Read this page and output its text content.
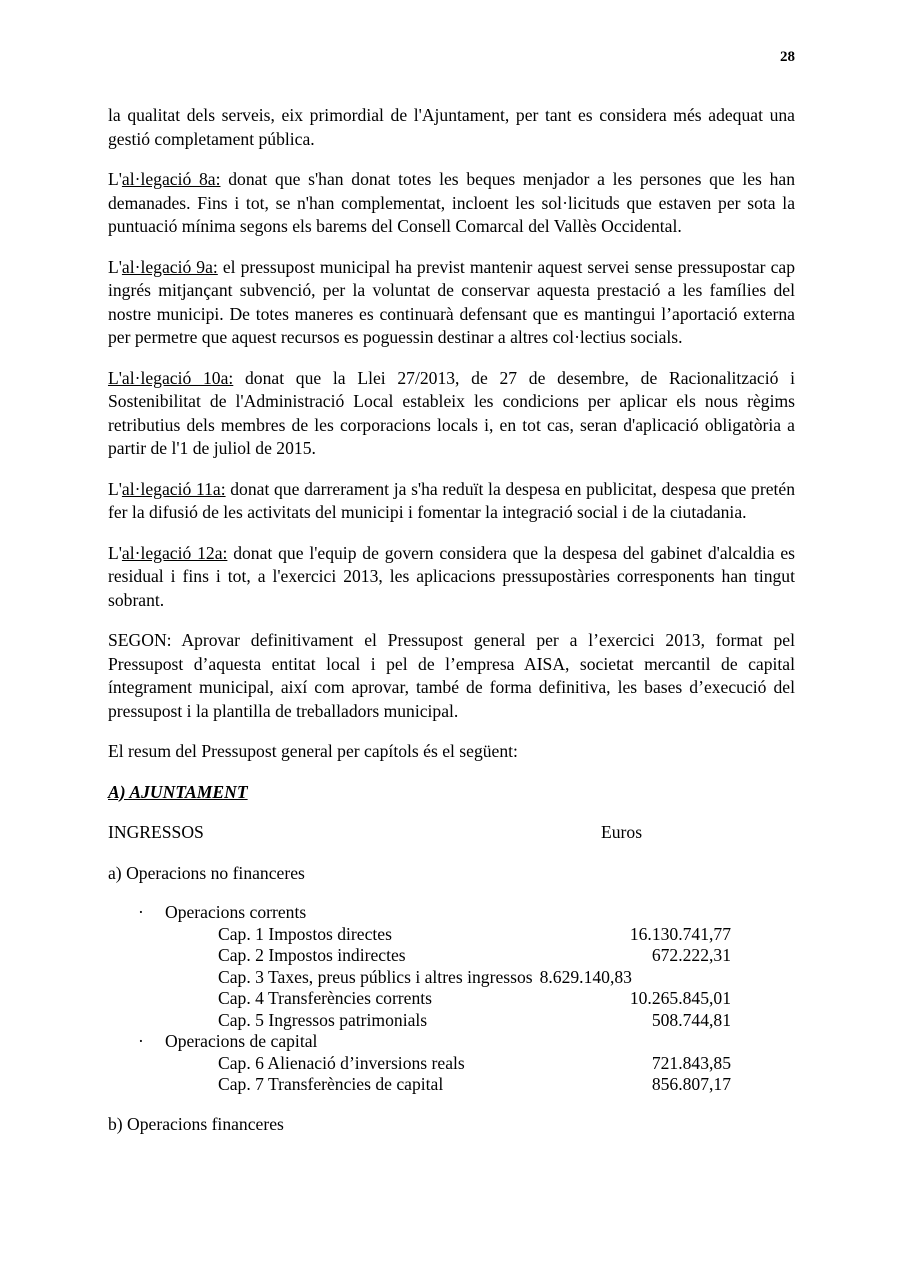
28

la qualitat dels serveis, eix primordial de l'Ajuntament, per tant es considera més adequat una gestió completament pública.

L'al·legació 8a: donat que s'han donat totes les beques menjador a les persones que les han demanades. Fins i tot, se n'han complementat, incloent les sol·licituds que estaven per sota la puntuació mínima segons els barems del Consell Comarcal del Vallès Occidental.

L'al·legació 9a: el pressupost municipal ha previst mantenir aquest servei sense pressupostar cap ingrés mitjançant subvenció, per la voluntat de conservar aquesta prestació a les famílies del nostre municipi. De totes maneres es continuarà defensant que es mantingui l’aportació externa per permetre que aquest recursos es poguessin destinar a altres col·lectius socials.

L'al·legació 10a: donat que la Llei 27/2013, de 27 de desembre, de Racionalització i Sostenibilitat de l'Administració Local estableix les condicions per aplicar els nous règims retributius dels membres de les corporacions locals i, en tot cas, seran d'aplicació obligatòria a partir de l'1 de juliol de 2015.

L'al·legació 11a: donat que darrerament ja s'ha reduït la despesa en publicitat, despesa que pretén fer la difusió de les activitats del municipi i fomentar la integració social i de la ciutadania.

L'al·legació 12a: donat que l'equip de govern considera que la despesa del gabinet d'alcaldia es residual i fins i tot, a l'exercici 2013, les aplicacions pressupostàries corresponents han tingut sobrant.

SEGON: Aprovar definitivament el Pressupost general per a l’exercici 2013, format pel Pressupost d’aquesta entitat local i pel de l’empresa AISA, societat mercantil de capital íntegrament municipal, així com aprovar, també de forma definitiva, les bases d’execució del pressupost i la plantilla de treballadors municipal.

El resum del Pressupost general per capítols és el següent:

A) AJUNTAMENT
INGRESSOS	Euros
a) Operacions no financeres
· Operacions corrents
Cap. 1 Impostos directes	16.130.741,77
Cap. 2 Impostos indirectes	672.222,31
Cap. 3 Taxes, preus públics i altres ingressos 8.629.140,83
Cap. 4 Transferències corrents	10.265.845,01
Cap. 5 Ingressos patrimonials	508.744,81
· Operacions de capital
Cap. 6 Alienació d’inversions reals	721.843,85
Cap. 7 Transferències de capital	856.807,17
b) Operacions financeres
